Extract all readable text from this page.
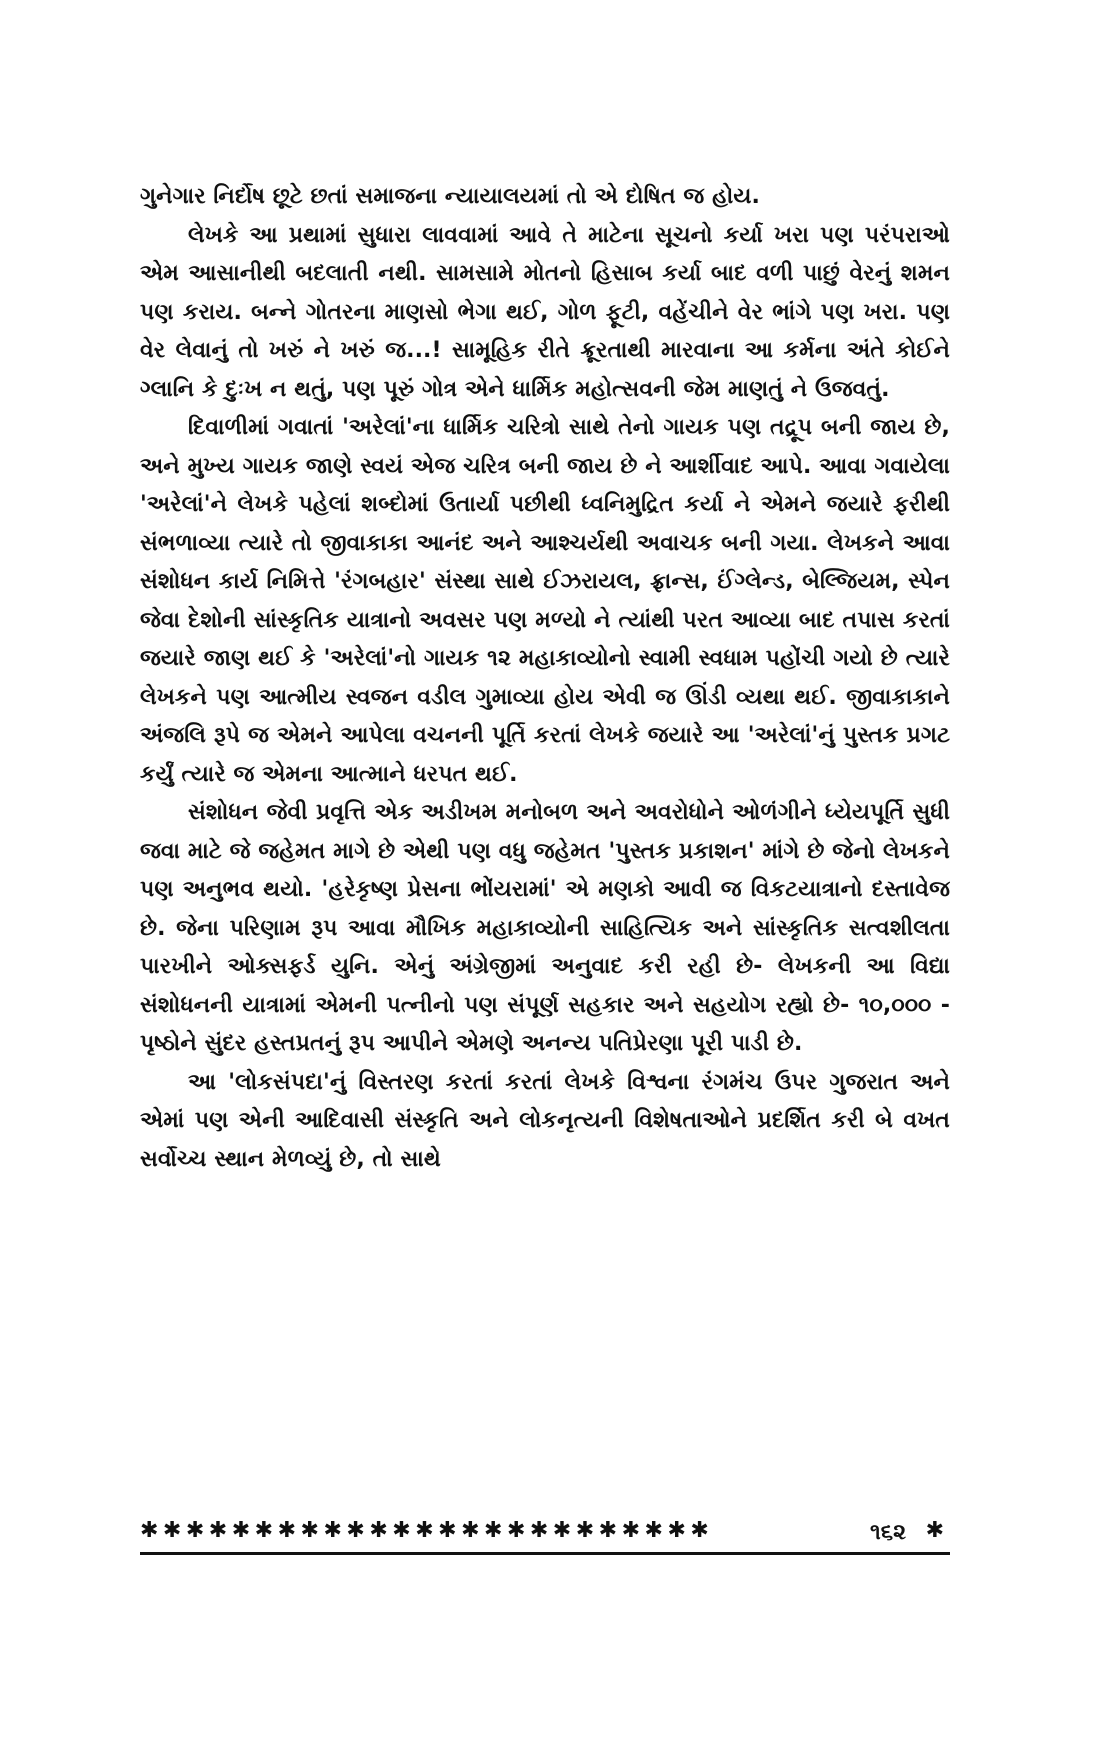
ગુનેગાર નિર્દોષ છૂટે છતાં સમાજના ન્યાયાલયમાં તો એ દોષિત જ હોય.

લેખકે આ પ્રથામાં સુધારા લાવવામાં આવે તે માટેના સૂચનો કર્યા ખરા પણ પરંપરાઓ એમ આસાનીથી બદલાતી નથી. સામસામે મોતનો હિસાબ કર્યા બાદ વળી પાછું વેરનું શમન પણ કરાય. બન્ને ગોતરના માણસો ભેગા થઈ, ગોળ ફૂટી, વહેંચીને વેર ભાંગે પણ ખરા. પણ વેર લેવાનું તો ખરું ને ખરું જ...! સામૂહિક રીતે ક્રૂરતાથી મારવાના આ કર્મના અંતે કોઈને ગ્લાનિ કે દુઃખ ન થતું, પણ પૂરું ગોત્ર એને ધાર્મિક મહોત્સવની જેમ માણતું ને ઉજવતું.

દિવાળીમાં ગવાતાં 'અરેલાં'ના ધાર્મિક ચરિત્રો સાથે તેનો ગાયક પણ તદ્રૂપ બની જાય છે, અને મુખ્ય ગાયક જાણે સ્વયં એજ ચરિત્ર બની જાય છે ને આર્શીવાદ આપે. આવા ગવાયેલા 'અરેલાં'ને લેખકે પહેલાં શબ્દોમાં ઉતાર્યા પછીથી ધ્વનિમુદ્રિત કર્યા ને એમને જયારે ફરીથી સંભળાવ્યા ત્યારે તો જીવાકાકા આનંદ અને આશ્ચર્યથી અવાચક બની ગયા. લેખકને આવા સંશોધન કાર્ય નિમિત્તે 'રંગબહાર' સંસ્થા સાથે ઈઝરાયલ, ફ્રાન્સ, ઈંગ્લેન્ડ, બેલ્જિયમ, સ્પેન જેવા દેશોની સાંસ્કૃતિક યાત્રાનો અવસર પણ મળ્યો ને ત્યાંથી પરત આવ્યા બાદ તપાસ કરતાં જયારે જાણ થઈ કે 'અરેલાં'નો ગાયક ૧૨ મહાકાવ્યોનો સ્વામી સ્વધામ પહોંચી ગયો છે ત્યારે લેખકને પણ આત્મીય સ્વજન વડીલ ગુમાવ્યા હોય એવી જ ઊંડી વ્યથા થઈ. જીવાકાકાને અંજલિ રૂપે જ એમને આપેલા વચનની પૂર્તિ કરતાં લેખકે જયારે આ 'અરેલાં'નું પુસ્તક પ્રગટ કર્યું ત્યારે જ એમના આત્માને ધરપત થઈ.

સંશોધન જેવી પ્રવૃત્તિ એક અડીખમ મનોબળ અને અવરોધોને ઓળંગીને ધ્યેયપૂર્તિ સુધી જવા માટે જે જહેમત માગે છે એથી પણ વધુ જહેમત 'પુસ્તક પ્રકાશન' માંગે છે જેનો લેખકને પણ અનુભવ થયો. 'હરેકૃષ્ણ પ્રેસના ભોંયરામાં' એ મણકો આવી જ વિકટયાત્રાનો દસ્તાવેજ છે. જેના પરિણામ રૂપ આવા મૌખિક મહાકાવ્યોની સાહિત્યિક અને સાંસ્કૃતિક સત્વશીલતા પારખીને ઓક્સફર્ડ યુનિ. એનું અંગ્રેજીમાં અનુવાદ કરી રહી છે- લેખકની આ વિદ્યા સંશોધનની યાત્રામાં એમની પત્નીનો પણ સંપૂર્ણ સહકાર અને સહયોગ રહ્યો છે- ૧૦,૦૦૦ - પૃષ્ઠોને સુંદર હસ્તપ્રતનું રૂપ આપીને એમણે અનન્ય પતિપ્રેરણા પૂરી પાડી છે.

આ 'લોકસંપદા'નું વિસ્તરણ કરતાં કરતાં લેખકે વિશ્વના રંગમંચ ઉપર ગુજરાત અને એમાં પણ એની આદિવાસી સંસ્કૃતિ અને લોકનૃત્યની વિશેષતાઓને પ્રદર્શિત કરી બે વખત સર્વોચ્ચ સ્થાન મેળવ્યું છે, તો સાથે

✱✱✱✱✱✱✱✱✱✱✱✱✱✱✱✱✱✱✱✱✱✱✱✱✱	૧૬૨ ✱
